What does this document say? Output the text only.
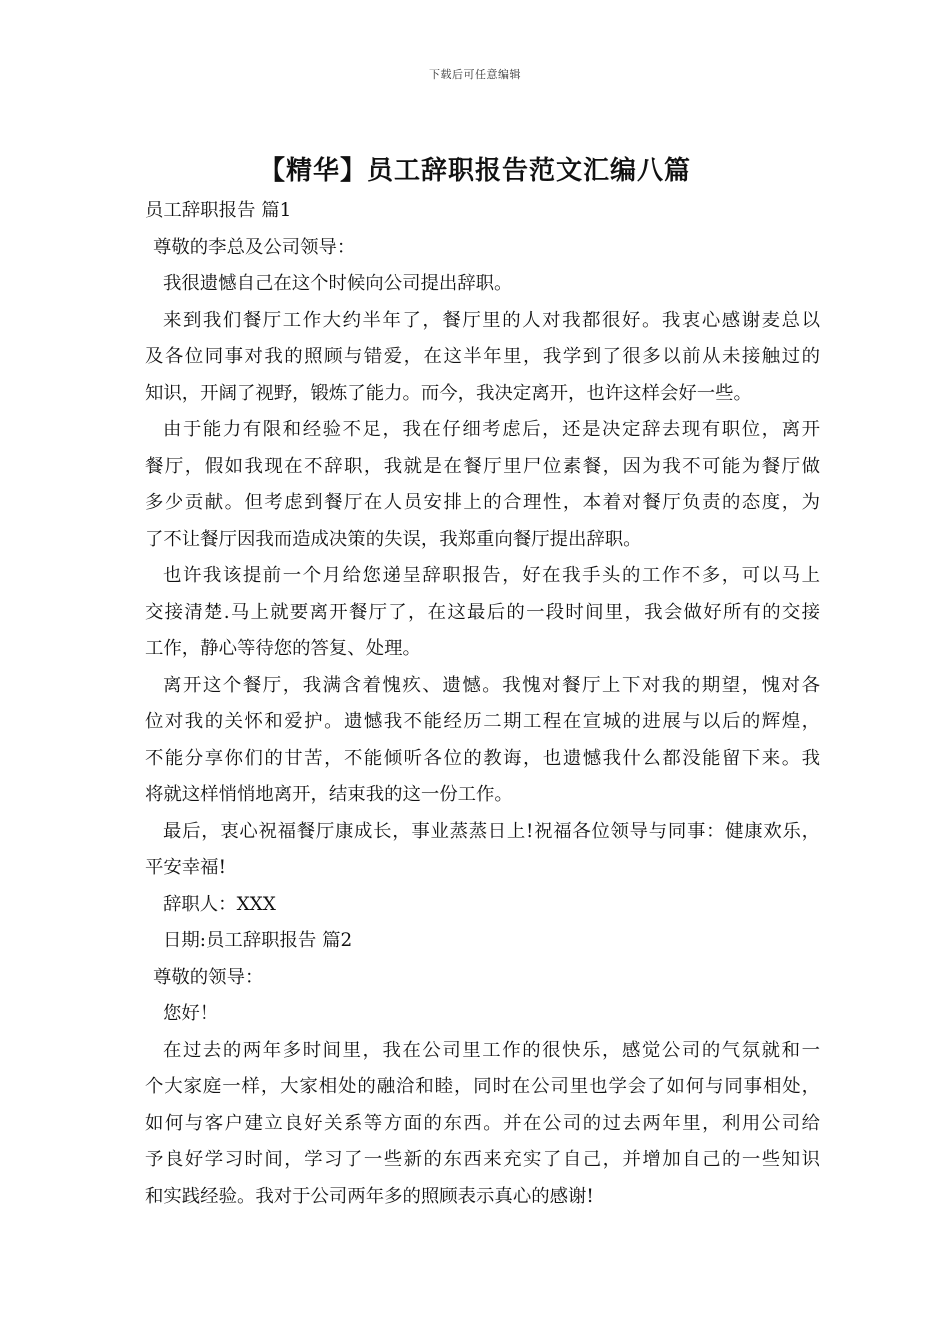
下载后可任意编辑
【精华】员工辞职报告范文汇编八篇
员工辞职报告 篇1
尊敬的李总及公司领导：
我很遗憾自己在这个时候向公司提出辞职。
来到我们餐厅工作大约半年了，餐厅里的人对我都很好。我衷心感谢麦总以
及各位同事对我的照顾与错爱，在这半年里，我学到了很多以前从未接触过的
知识，开阔了视野，锻炼了能力。而今，我决定离开，也许这样会好一些。
由于能力有限和经验不足，我在仔细考虑后，还是决定辞去现有职位，离开
餐厅，假如我现在不辞职，我就是在餐厅里尸位素餐，因为我不可能为餐厅做
多少贡献。但考虑到餐厅在人员安排上的合理性，本着对餐厅负责的态度，为
了不让餐厅因我而造成决策的失误，我郑重向餐厅提出辞职。
也许我该提前一个月给您递呈辞职报告，好在我手头的工作不多，可以马上
交接清楚.马上就要离开餐厅了，在这最后的一段时间里，我会做好所有的交接
工作，静心等待您的答复、处理。
离开这个餐厅，我满含着愧疚、遗憾。我愧对餐厅上下对我的期望，愧对各
位对我的关怀和爱护。遗憾我不能经历二期工程在宣城的进展与以后的辉煌，
不能分享你们的甘苦，不能倾听各位的教诲，也遗憾我什么都没能留下来。我
将就这样悄悄地离开，结束我的这一份工作。
最后，衷心祝福餐厅康成长，事业蒸蒸日上!祝福各位领导与同事：健康欢乐，
平安幸福!
辞职人：XXX
日期:员工辞职报告 篇2
尊敬的领导：
您好！
在过去的两年多时间里，我在公司里工作的很快乐，感觉公司的气氛就和一
个大家庭一样，大家相处的融洽和睦，同时在公司里也学会了如何与同事相处，
如何与客户建立良好关系等方面的东西。并在公司的过去两年里，利用公司给
予良好学习时间，学习了一些新的东西来充实了自己，并增加自己的一些知识
和实践经验。我对于公司两年多的照顾表示真心的感谢!
